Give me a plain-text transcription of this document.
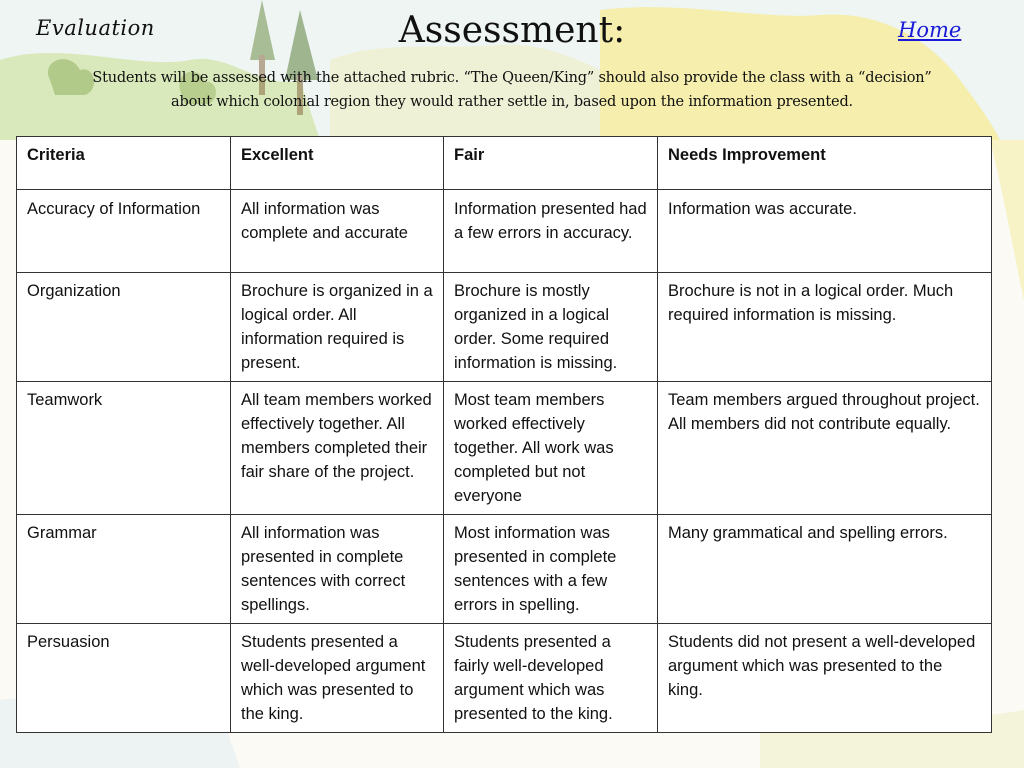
Evaluation	Assessment:	Home
Students will be assessed with the attached rubric. “The Queen/King” should also provide the class with a “decision”
about which colonial region they would rather settle in, based upon the information presented.
Criteria	Excellent	Fair	Needs Improvement
Accuracy of Information	All information was complete and accurate	Information presented had a few errors in accuracy.	Information was accurate.
Organization	Brochure is organized in a logical order. All information required is present.	Brochure is mostly organized in a logical order. Some required information is missing.	Brochure is not in a logical order. Much required information is missing.
Teamwork	All team members worked effectively together. All members completed their fair share of the project.	Most team members worked effectively together. All work was completed but not everyone	Team members argued throughout project. All members did not contribute equally.
Grammar	All information was presented in complete sentences with correct spellings.	Most information was presented in complete sentences with a few errors in spelling.	Many grammatical and spelling errors.
Persuasion	Students presented a well-developed argument which was presented to the king.	Students presented a fairly well-developed argument which was presented to the king.	Students did not present a well-developed argument which was presented to the king.
